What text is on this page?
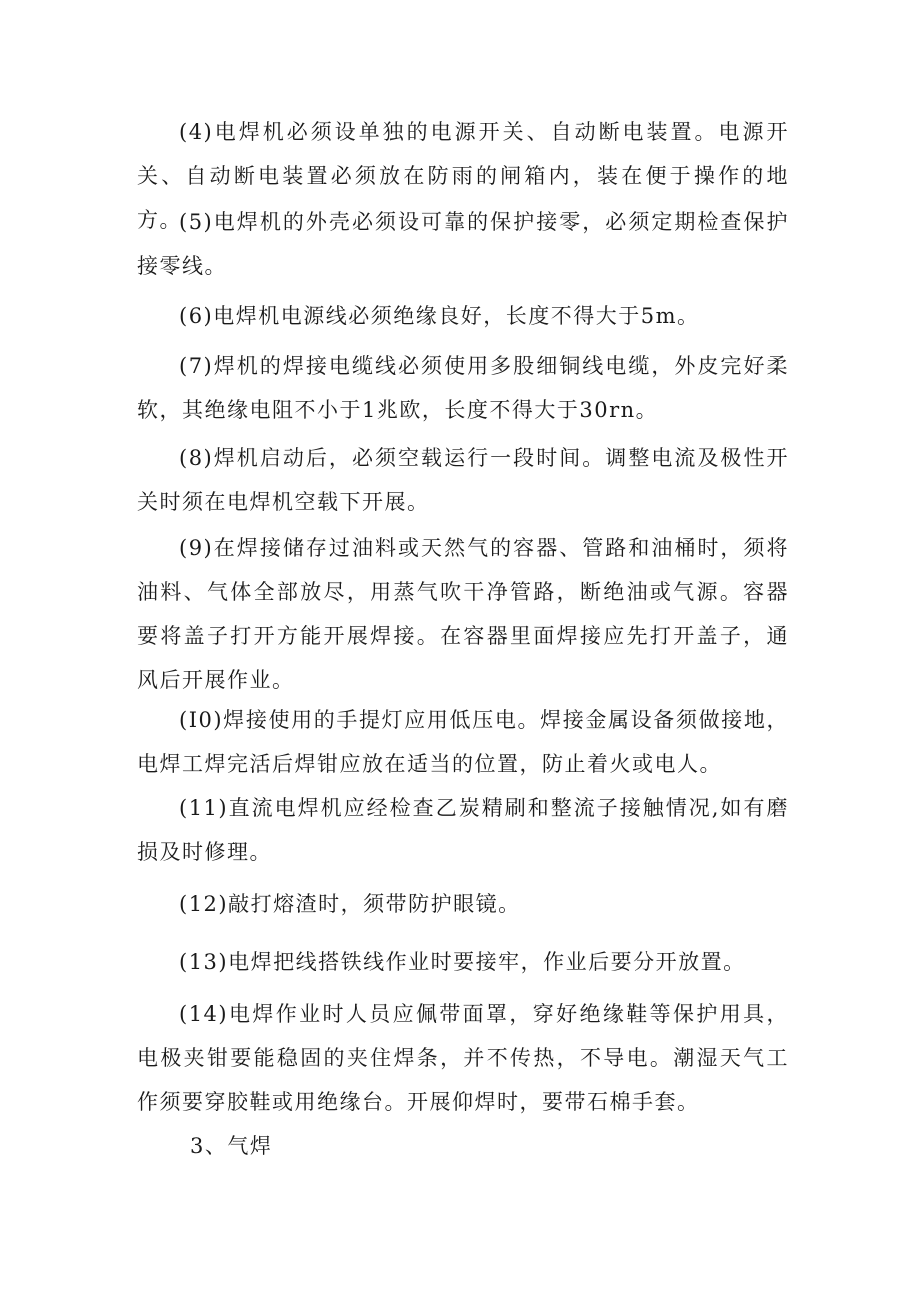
(4)电焊机必须设单独的电源开关、自动断电装置。电源开关、自动断电装置必须放在防雨的闸箱内，装在便于操作的地方。

(5)电焊机的外壳必须设可靠的保护接零，必须定期检查保护接零线。

(6)电焊机电源线必须绝缘良好，长度不得大于5m。

(7)焊机的焊接电缆线必须使用多股细铜线电缆，外皮完好柔软，其绝缘电阻不小于1兆欧，长度不得大于30rn。

(8)焊机启动后，必须空载运行一段时间。调整电流及极性开关时须在电焊机空载下开展。

(9)在焊接储存过油料或天然气的容器、管路和油桶时，须将油料、气体全部放尽，用蒸气吹干净管路，断绝油或气源。容器要将盖子打开方能开展焊接。在容器里面焊接应先打开盖子，通风后开展作业。

(I0)焊接使用的手提灯应用低压电。焊接金属设备须做接地，电焊工焊完活后焊钳应放在适当的位置，防止着火或电人。

(11)直流电焊机应经检查乙炭精刷和整流子接触情况,如有磨损及时修理。

(12)敲打熔渣时，须带防护眼镜。

(13)电焊把线搭铁线作业时要接牢，作业后要分开放置。

(14)电焊作业时人员应佩带面罩，穿好绝缘鞋等保护用具，电极夹钳要能稳固的夹住焊条，并不传热，不导电。潮湿天气工作须要穿胶鞋或用绝缘台。开展仰焊时，要带石棉手套。

3、气焊
